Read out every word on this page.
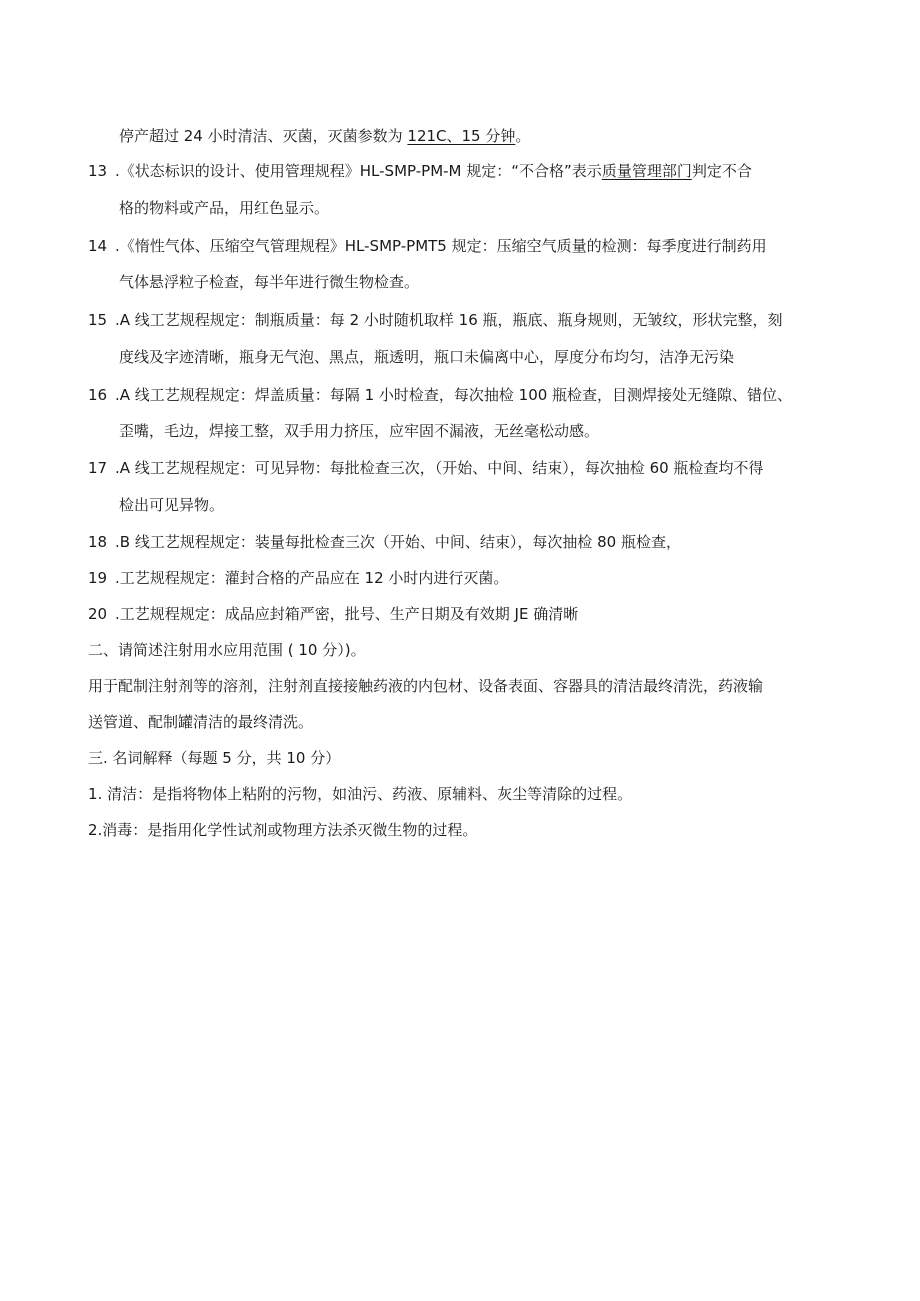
停产超过 24 小时清洁、灭菌，灭菌参数为 121C、15 分钟。
13 .《状态标识的设计、使用管理规程》HL-SMP-PM-M 规定：“不合格”表示质量管理部门判定不合
格的物料或产品，用红色显示。
14 .《惰性气体、压缩空气管理规程》HL-SMP-PMT5 规定：压缩空气质量的检测：每季度进行制药用
气体悬浮粒子检查，每半年进行微生物检查。
15 .A 线工艺规程规定：制瓶质量：每 2 小时随机取样 16 瓶，瓶底、瓶身规则，无皱纹，形状完整，刻
度线及字迹清晰，瓶身无气泡、黑点，瓶透明，瓶口未偏离中心，厚度分布均匀，洁净无污染
16 .A 线工艺规程规定：焊盖质量：每隔 1 小时检查，每次抽检 100 瓶检查，目测焊接处无缝隙、错位、
歪嘴，毛边，焊接工整，双手用力挤压，应牢固不漏液，无丝毫松动感。
17 .A 线工艺规程规定：可见异物：每批检查三次，（开始、中间、结束），每次抽检 60 瓶检查均不得
检出可见异物。
18 .B 线工艺规程规定：装量每批检查三次（开始、中间、结束），每次抽检 80 瓶检查，
19 .工艺规程规定：灌封合格的产品应在 12 小时内进行灭菌。
20 .工艺规程规定：成品应封箱严密，批号、生产日期及有效期 JE 确清晰
二、请简述注射用水应用范围 ( 10 分）)。
用于配制注射剂等的溶剂，注射剂直接接触药液的内包材、设备表面、容器具的清洁最终清洗，药液输
送管道、配制罐清洁的最终清洗。
三. 名词解释（每题 5 分，共 10 分）
1. 清洁：是指将物体上粘附的污物，如油污、药液、原辅料、灰尘等清除的过程。
2.消毒：是指用化学性试剂或物理方法杀灭微生物的过程。
